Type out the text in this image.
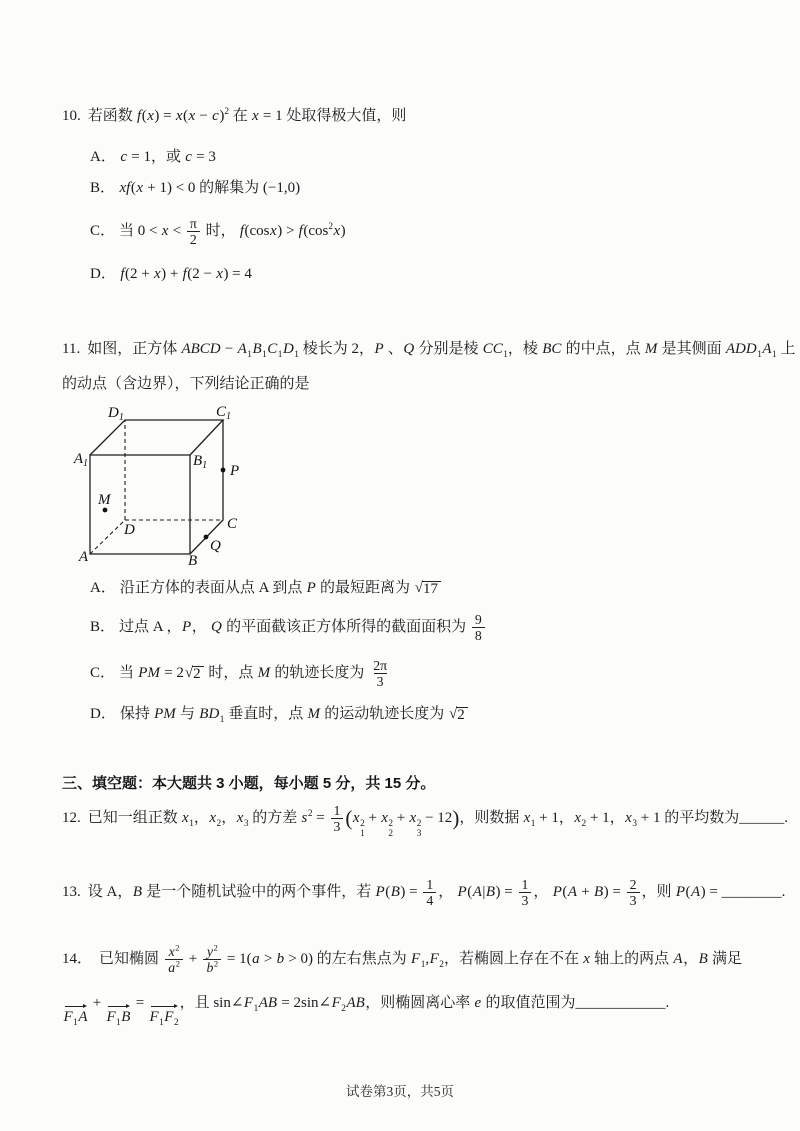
10. 若函数 $f(x) = x(x - c)^2$ 在 x = 1 处取得极大值，则
A． c = 1，或 c = 3
B． xf(x + 1) < 0 的解集为 (−1,0)
C． 当 $0 < x < \frac{\pi}{2}$ 时， $f(\cos x) > f(\cos^2x)$
D． f(2 + x) + f(2 − x) = 4
11. 如图，正方体 ABCD − $A_1B_1C_1D_1$ 棱长为 2，P 、Q 分别是棱 $CC_1$，棱 BC 的中点，点 M 是其侧面 $ADD_1A_1$ 上
的动点（含边界），下列结论正确的是
$D_1$	$C_1$
$A_1$	$B_1$ P
M
D	C
Q
A	B
A． 沿正方体的表面从点 A 到点 P 的最短距离为 √ 17
B． 过点 A ，P， Q 的平面截该正方体所得的截面面积为 $\frac{9}{8}$
C． 当 PM = 2 √ 2 时，点 M 的轨迹长度为 $\frac{2\pi}{3}$
D． 保持 PM 与 $BD_1$ 垂直时，点 M 的运动轨迹长度为 √ 2
三、填空题：本大题共 3 小题，每小题 5 分，共 15 分。
12. 已知一组正数 $x_1$，$x_2$，$x_3$ 的方差 $s^2 = \frac{1}{3} (x$ 2
1
+ x 2
2
+ x 2
3
− 12)，则数据 $x_1 + 1$，$x_2 + 1$，$x_3 + 1$ 的平均数为______.
13. 设 A，B 是一个随机试验中的两个事件，若 $P(B) = \frac{1}{4}$ ， $P(A|B) = \frac{1}{3}$ ， $P(A + B) = \frac{2}{3}$ ，则 P(A) = ________.
14． 已知椭圆 $\frac{x^2}{a^2} + \frac{y^2}{b^2} = 1(a > b > 0)$ 的左右焦点为 $F_1,F_2$，若椭圆上存在不在 x 轴上的两点 A，B 满足
$F_1A$
+
$F_1B$
=
$F_1F_2$
，且 $\sin\angle F_1AB$ = $2\sin\angle F_2AB$，则椭圆离心率 e 的取值范围为____________.
试卷第3页，共5页
